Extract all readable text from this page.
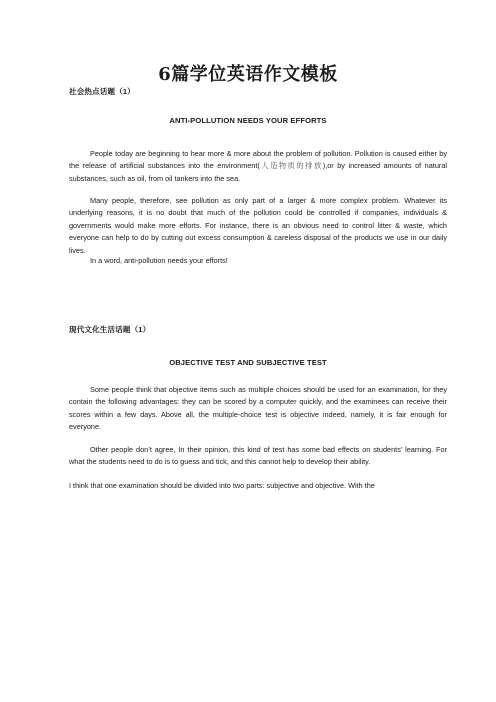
6篇学位英语作文模板
社会热点话题（1）
ANTI-POLLUTION NEEDS YOUR EFFORTS

People today are beginning to hear more & more about the problem of pollution. Pollution is caused either by the release of artificial substances into the environment(人造物质的排放),or by increased amounts of natural substances, such as oil, from oil tankers into the sea.

Many people, therefore, see pollution as only part of a larger & more complex problem. Whatever its underlying reasons, it is no doubt that much of the pollution could be controlled if companies, individuals & governments would make more efforts. For instance, there is an obvious need to control litter & waste, which everyone can help to do by cutting out excess consumption & careless disposal of the products we use in our daily lives.

In a word, anti-pollution needs your efforts!

现代文化生活话题（1）
OBJECTIVE TEST AND SUBJECTIVE TEST

Some people think that objective items such as multiple choices should be used for an examination, for they contain the following advantages: they can be scored by a computer quickly, and the examinees can receive their scores within a few days. Above all, the multiple-choice test is objective indeed, namely, it is fair enough for everyone.

Other people don’t agree, In their opinion, this kind of test has some bad effects on students’ learning. For what the students need to do is to guess and tick, and this cannot help to develop their ability.

I think that one examination should be divided into two parts: subjective and objective. With the
